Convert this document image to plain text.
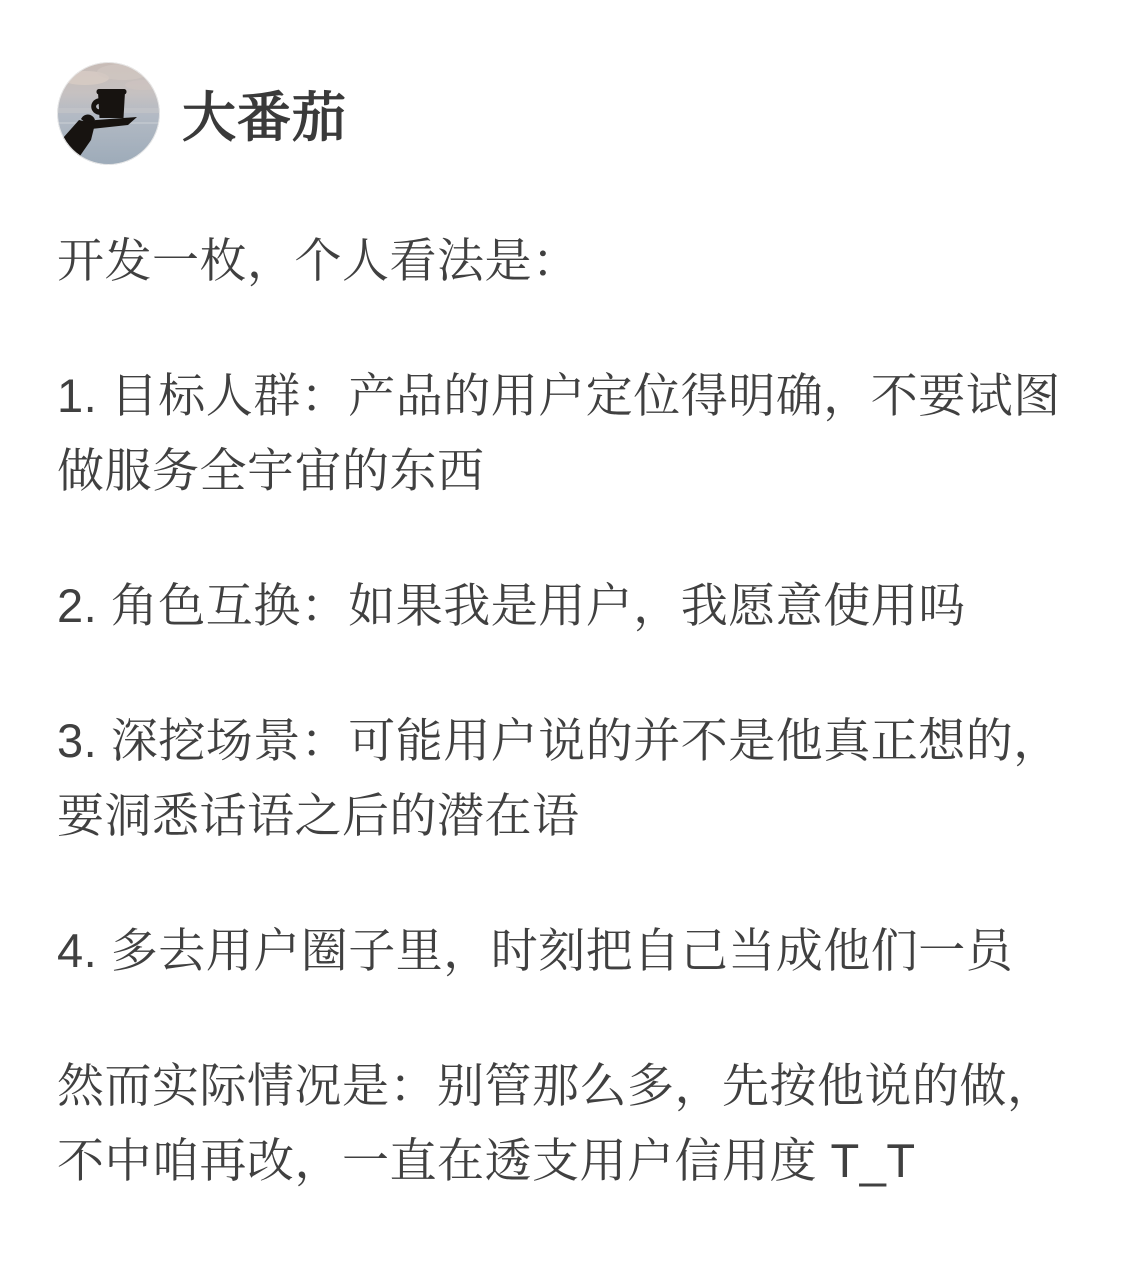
大番茄

开发一枚，个人看法是：

1. 目标人群：产品的用户定位得明确，不要试图
做服务全宇宙的东西

2. 角色互换：如果我是用户，我愿意使用吗

3. 深挖场景：可能用户说的并不是他真正想的，
要洞悉话语之后的潜在语

4. 多去用户圈子里，时刻把自己当成他们一员

然而实际情况是：别管那么多，先按他说的做，
不中咱再改，一直在透支用户信用度 T_T
